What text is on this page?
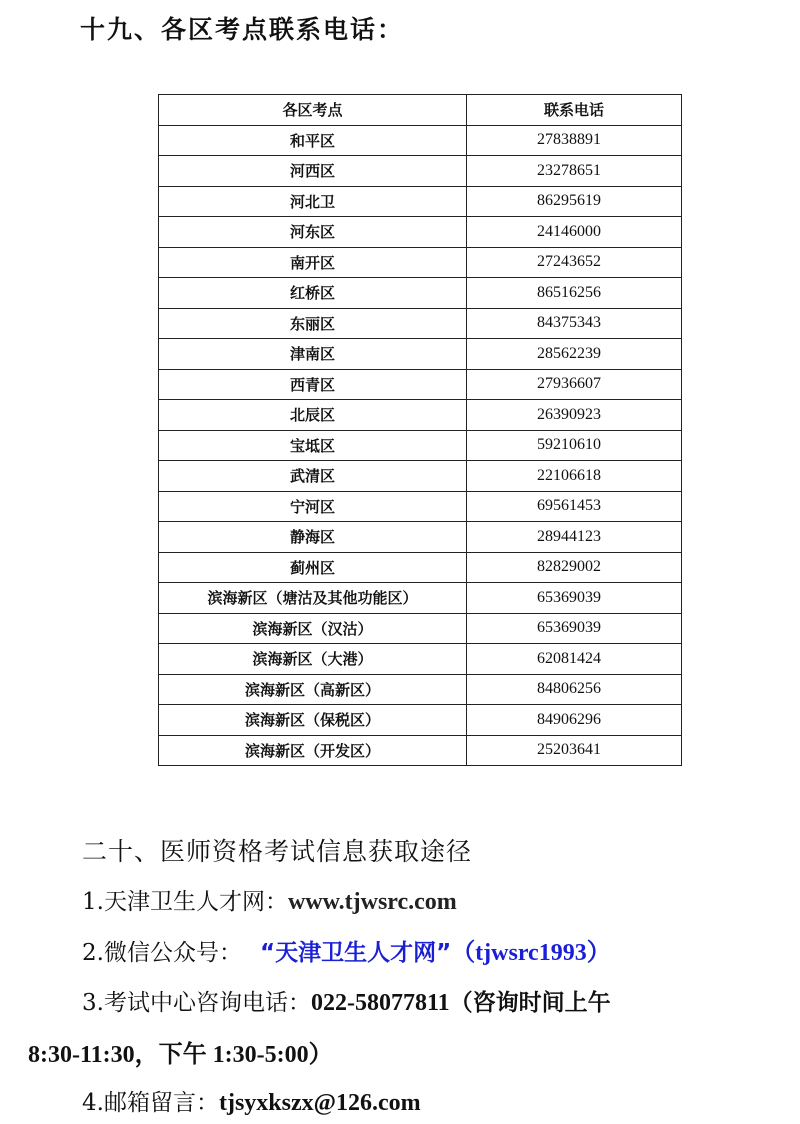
十九、各区考点联系电话：
各区考点	联系电话
和平区	27838891
河西区	23278651
河北卫	86295619
河东区	24146000
南开区	27243652
红桥区	86516256
东丽区	84375343
津南区	28562239
西青区	27936607
北辰区	26390923
宝坻区	59210610
武清区	22106618
宁河区	69561453
静海区	28944123
蓟州区	82829002
滨海新区（塘沽及其他功能区）	65369039
滨海新区（汉沽）	65369039
滨海新区（大港）	62081424
滨海新区（高新区）	84806256
滨海新区（保税区）	84906296
滨海新区（开发区）	25203641
二十、医师资格考试信息获取途径
1.天津卫生人才网：www.tjwsrc.com
2.微信公众号： “天津卫生人才网” （tjwsrc1993）
3.考试中心咨询电话：022-58077811（咨询时间上午
8:30-11:30，下午 1:30-5:00）
4.邮箱留言：tjsyxkszx@126.com
